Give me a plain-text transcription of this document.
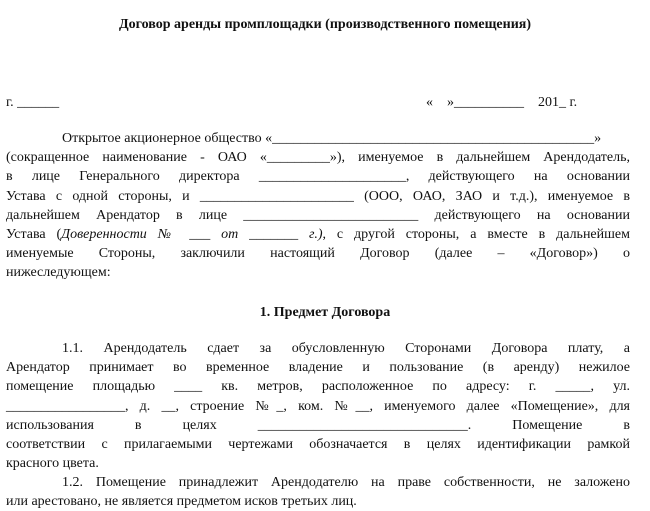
Договор аренды промплощадки (производственного помещения)
г. ______	«    »__________    201_ г.
Открытое акционерное общество «______________________________________________»
(сокращенное наименование - ОАО «_________»), именуемое в дальнейшем Арендодатель,
в лице Генерального директора _____________________, действующего на основании
Устава с одной стороны, и ______________________ (ООО, ОАО, ЗАО и т.д.), именуемое в
дальнейшем Арендатор в лице _________________________ действующего на основании
Устава (Доверенности № ___ от _______ г.), с другой стороны, а вместе в дальнейшем
именуемые Стороны, заключили настоящий Договор (далее – «Договор») о
нижеследующем:
1. Предмет Договора
1.1. Арендодатель сдает за обусловленную Сторонами Договора плату, а
Арендатор принимает во временное владение и пользование (в аренду) нежилое
помещение площадью ____ кв. метров, расположенное по адресу: г. _____, ул.
_________________, д. __, строение №_, ком. №__, именуемого далее «Помещение», для
использования в целях ______________________________. Помещение в
соответствии с прилагаемыми чертежами обозначается в целях идентификации рамкой
красного цвета.
1.2. Помещение принадлежит Арендодателю на праве собственности, не заложено
или арестовано, не является предметом исков третьих лиц.
